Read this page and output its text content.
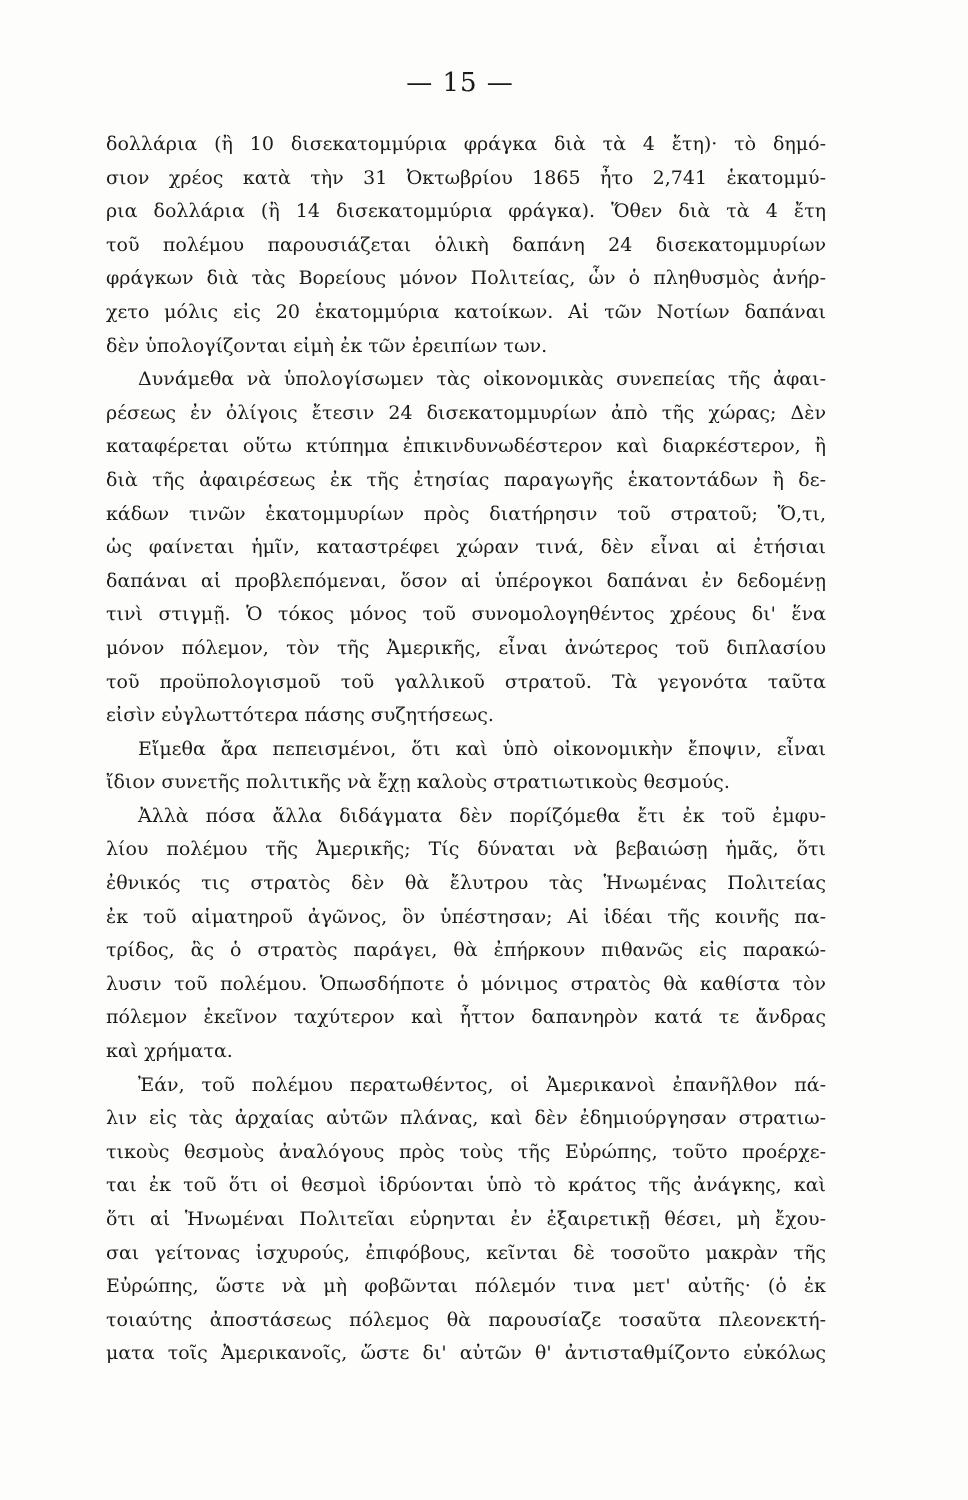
— 15 —
δολλάρια (ἢ 10 δισεκατομμύρια φράγκα διὰ τὰ 4 ἔτη)· τὸ δημό-
σιον χρέος κατὰ τὴν 31 Ὀκτωβρίου 1865 ἦτο 2,741 ἑκατομμύ-
ρια δολλάρια (ἢ 14 δισεκατομμύρια φράγκα). Ὅθεν διὰ τὰ 4 ἔτη
τοῦ πολέμου παρουσιάζεται ὁλικὴ δαπάνη 24 δισεκατομμυρίων
φράγκων διὰ τὰς Βορείους μόνον Πολιτείας, ὧν ὁ πληθυσμὸς ἀνήρ-
χετο μόλις εἰς 20 ἑκατομμύρια κατοίκων. Αἱ τῶν Νοτίων δαπάναι
δὲν ὑπολογίζονται εἰμὴ ἐκ τῶν ἐρειπίων των.
Δυνάμεθα νὰ ὑπολογίσωμεν τὰς οἰκονομικὰς συνεπείας τῆς ἀφαι-
ρέσεως ἐν ὀλίγοις ἔτεσιν 24 δισεκατομμυρίων ἀπὸ τῆς χώρας; Δὲν
καταφέρεται οὕτω κτύπημα ἐπικινδυνωδέστερον καὶ διαρκέστερον, ἢ
διὰ τῆς ἀφαιρέσεως ἐκ τῆς ἐτησίας παραγωγῆς ἑκατοντάδων ἢ δε-
κάδων τινῶν ἑκατομμυρίων πρὸς διατήρησιν τοῦ στρατοῦ; Ὅ,τι,
ὡς φαίνεται ἡμῖν, καταστρέφει χώραν τινά, δὲν εἶναι αἱ ἐτήσιαι
δαπάναι αἱ προβλεπόμεναι, ὅσον αἱ ὑπέρογκοι δαπάναι ἐν δεδομένῃ
τινὶ στιγμῇ. Ὁ τόκος μόνος τοῦ συνομολογηθέντος χρέους δι' ἕνα
μόνον πόλεμον, τὸν τῆς Ἀμερικῆς, εἶναι ἀνώτερος τοῦ διπλασίου
τοῦ προϋπολογισμοῦ τοῦ γαλλικοῦ στρατοῦ. Τὰ γεγονότα ταῦτα
εἰσὶν εὐγλωττότερα πάσης συζητήσεως.
Εἴμεθα ἄρα πεπεισμένοι, ὅτι καὶ ὑπὸ οἰκονομικὴν ἔποψιν, εἶναι
ἴδιον συνετῆς πολιτικῆς νὰ ἔχῃ καλοὺς στρατιωτικοὺς θεσμούς.
Ἀλλὰ πόσα ἄλλα διδάγματα δὲν πορίζόμεθα ἔτι ἐκ τοῦ ἐμφυ-
λίου πολέμου τῆς Ἀμερικῆς; Τίς δύναται νὰ βεβαιώσῃ ἡμᾶς, ὅτι
ἐθνικός τις στρατὸς δὲν θὰ ἔλυτρου τὰς Ἡνωμένας Πολιτείας
ἐκ τοῦ αἱματηροῦ ἀγῶνος, ὃν ὑπέστησαν; Αἱ ἰδέαι τῆς κοινῆς πα-
τρίδος, ἃς ὁ στρατὸς παράγει, θὰ ἐπήρκουν πιθανῶς εἰς παρακώ-
λυσιν τοῦ πολέμου. Ὁπωσδήποτε ὁ μόνιμος στρατὸς θὰ καθίστα τὸν
πόλεμον ἐκεῖνον ταχύτερον καὶ ἧττον δαπανηρὸν κατά τε ἄνδρας
καὶ χρήματα.
Ἐάν, τοῦ πολέμου περατωθέντος, οἱ Ἀμερικανοὶ ἐπανῆλθον πά-
λιν εἰς τὰς ἀρχαίας αὐτῶν πλάνας, καὶ δὲν ἐδημιούργησαν στρατιω-
τικοὺς θεσμοὺς ἀναλόγους πρὸς τοὺς τῆς Εὐρώπης, τοῦτο προέρχε-
ται ἐκ τοῦ ὅτι οἱ θεσμοὶ ἱδρύονται ὑπὸ τὸ κράτος τῆς ἀνάγκης, καὶ
ὅτι αἱ Ἡνωμέναι Πολιτεῖαι εὑρηνται ἐν ἐξαιρετικῇ θέσει, μὴ ἔχου-
σαι γείτονας ἰσχυρούς, ἐπιφόβους, κεῖνται δὲ τοσοῦτο μακρὰν τῆς
Εὐρώπης, ὥστε νὰ μὴ φοβῶνται πόλεμόν τινα μετ' αὐτῆς· (ὁ ἐκ
τοιαύτης ἀποστάσεως πόλεμος θὰ παρουσίαζε τοσαῦτα πλεονεκτή-
ματα τοῖς Ἀμερικανοῖς, ὥστε δι' αὐτῶν θ' ἀντισταθμίζοντο εὐκόλως
